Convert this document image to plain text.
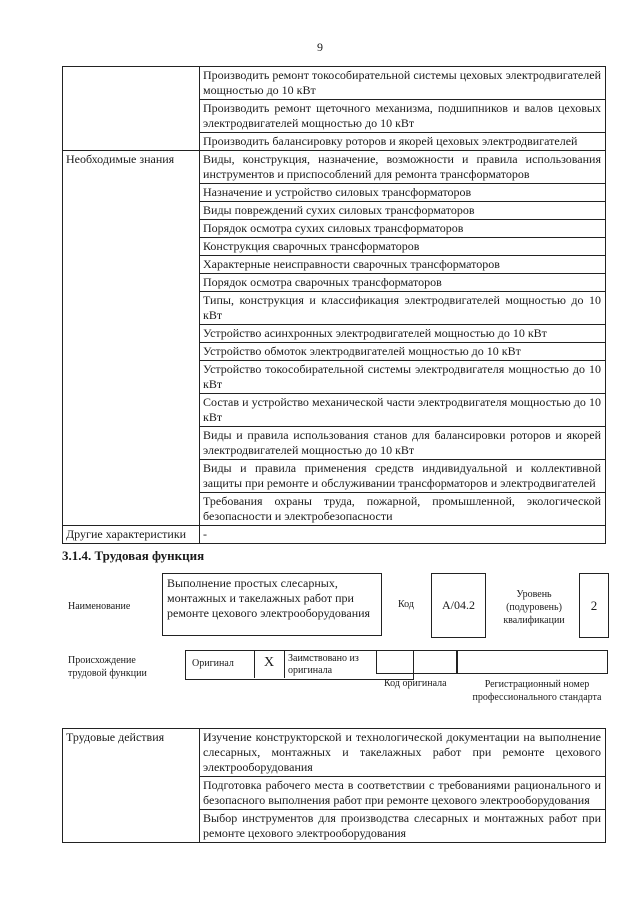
9
	Производить ремонт токособирательной системы цеховых электродвигателей мощностью до 10 кВт
	Производить ремонт щеточного механизма, подшипников и валов цеховых электродвигателей мощностью до 10 кВт
	Производить балансировку роторов и якорей цеховых электродвигателей
Необходимые знания	Виды, конструкция, назначение, возможности и правила использования инструментов и приспособлений для ремонта трансформаторов
	Назначение и устройство силовых трансформаторов
	Виды повреждений сухих силовых трансформаторов
	Порядок осмотра сухих силовых трансформаторов
	Конструкция сварочных трансформаторов
	Характерные неисправности сварочных трансформаторов
	Порядок осмотра сварочных трансформаторов
	Типы, конструкция и классификация электродвигателей мощностью до 10 кВт
	Устройство асинхронных электродвигателей мощностью до 10 кВт
	Устройство обмоток электродвигателей мощностью до 10 кВт
	Устройство токособирательной системы электродвигателя мощностью до 10 кВт
	Состав и устройство механической части электродвигателя мощностью до 10 кВт
	Виды и правила использования станов для балансировки роторов и якорей электродвигателей мощностью до 10 кВт
	Виды и правила применения средств индивидуальной и коллективной защиты при ремонте и обслуживании трансформаторов и электродвигателей
	Требования охраны труда, пожарной, промышленной, экологической безопасности и электробезопасности
Другие характеристики	-
3.1.4. Трудовая функция
Наименование
Выполнение простых слесарных, монтажных и такелажных работ при ремонте цехового электрооборудования
Код	A/04.2
Уровень (подуровень) квалификации
2
Происхождение трудовой функции
Оригинал X Заимствовано из оригинала
Код оригинала	Регистрационный номер профессионального стандарта
Трудовые действия	Изучение конструкторской и технологической документации на выполнение слесарных, монтажных и такелажных работ при ремонте цехового электрооборудования
Подготовка рабочего места в соответствии с требованиями рационального и безопасного выполнения работ при ремонте цехового электрооборудования
Выбор инструментов для производства слесарных и монтажных работ при ремонте цехового электрооборудования
